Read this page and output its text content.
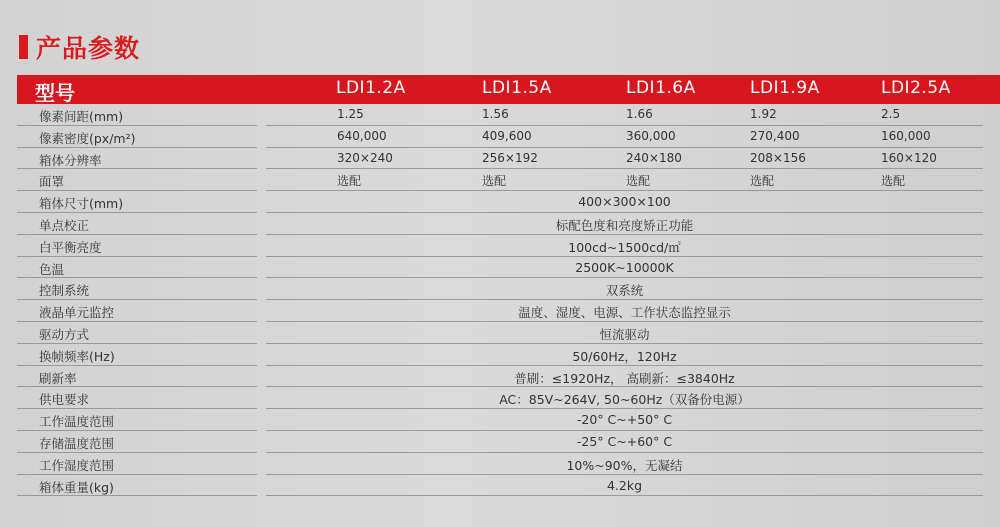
产品参数
型号	LDI1.2A	LDI1.5A	LDI1.6A	LDI1.9A	LDI2.5A
像素间距(mm)	1.25	1.56	1.66	1.92	2.5
像素密度(px/m²)	640,000	409,600	360,000	270,400	160,000
箱体分辨率	320×240	256×192	240×180	208×156	160×120
面罩	选配	选配	选配	选配	选配
箱体尺寸(mm)	400×300×100
单点校正	标配色度和亮度矫正功能
白平衡亮度	100cd~1500cd/㎡
色温	2500K~10000K
控制系统	双系统
液晶单元监控	温度、湿度、电源、工作状态监控显示
驱动方式	恒流驱动
换帧频率(Hz)	50/60Hz，120Hz
刷新率	普刷：≤1920Hz， 高刷新：≤3840Hz
供电要求	AC：85V~264V, 50~60Hz（双备份电源）
工作温度范围	-20° C~+50° C
存储温度范围	-25° C~+60° C
工作湿度范围	10%~90%，无凝结
箱体重量(kg)	4.2kg
